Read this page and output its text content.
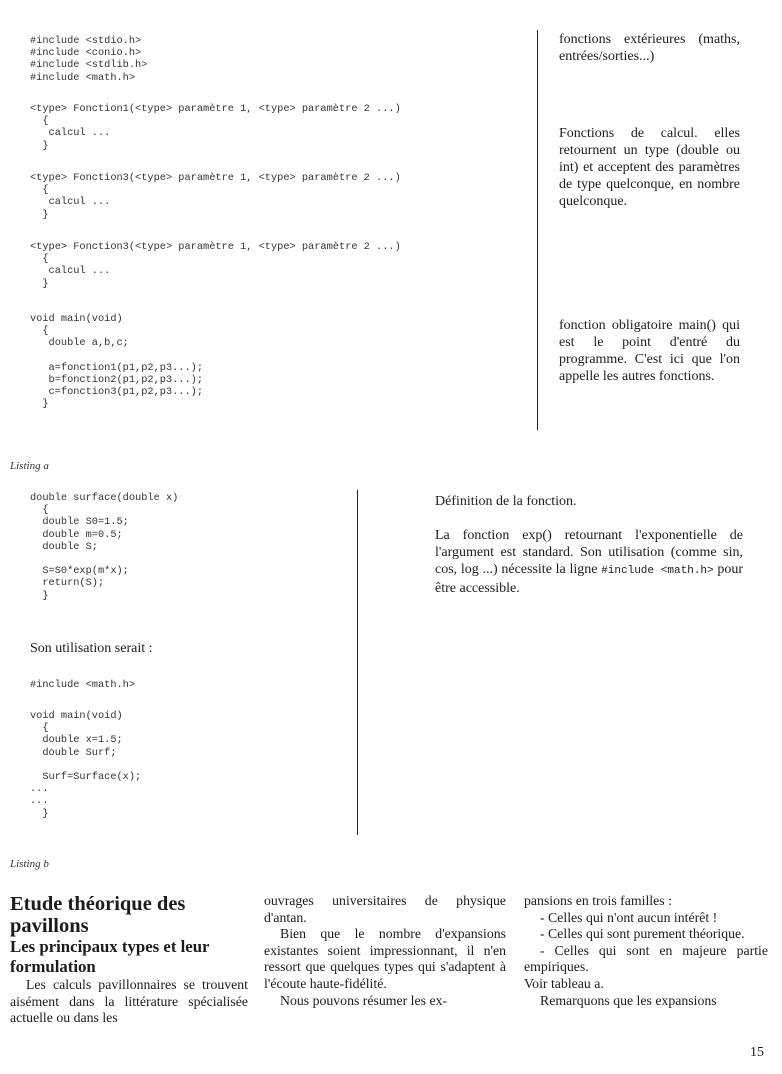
#include <stdio.h>
#include <conio.h>
#include <stdlib.h>
#include <math.h>
<type> Fonction1(<type> paramètre 1, <type> paramètre 2 ...)
{
calcul ...
}
<type> Fonction3(<type> paramètre 1, <type> paramètre 2 ...)
{
calcul ...
}
<type> Fonction3(<type> paramètre 1, <type> paramètre 2 ...)
{
calcul ...
}
void main(void)
{
double a,b,c;

a=fonction1(p1,p2,p3...);
b=fonction2(p1,p2,p3...);
c=fonction3(p1,p2,p3...);
}
fonctions extérieures (maths, entrées/sorties...)
Fonctions de calcul. elles retournent un type (double ou int) et acceptent des paramètres de type quelconque, en nombre quelconque.
fonction obligatoire main() qui est le point d'entré du programme. C'est ici que l'on appelle les autres fonctions.
Listing a
double surface(double x)
{
double S0=1.5;
double m=0.5;
double S;

S=S0*exp(m*x);
return(S);
}
Son utilisation serait :
#include <math.h>
void main(void)
{
double x=1.5;
double Surf;

Surf=Surface(x);
...
...
}
Définition de la fonction.
La fonction exp() retournant l'exponentielle de l'argument est standard. Son utilisation (comme sin, cos, log ...) nécessite la ligne #include <math.h> pour être accessible.
Listing b
Etude théorique des pavillons
Les principaux types et leur formulation

Les calculs pavillonnaires se trouvent aisément dans la littérature spécialisée actuelle ou dans les

ouvrages universitaires de physique d'antan.

Bien que le nombre d'expansions existantes soient impressionnant, il n'en ressort que quelques types qui s'adaptent à l'écoute haute-fidélité.

Nous pouvons résumer les ex-

pansions en trois familles :

- Celles qui n'ont aucun intérêt !

- Celles qui sont purement théorique.

- Celles qui sont en majeure partie empiriques.

Voir tableau a.

Remarquons que les expansions

15
